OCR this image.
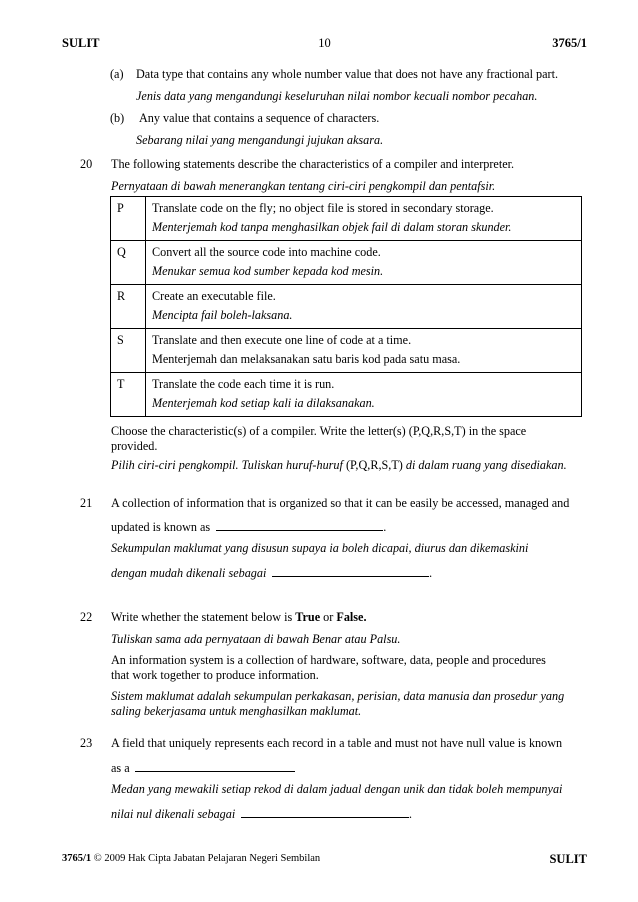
SULIT	10	3765/1
(a) Data type that contains any whole number value that does not have any fractional part.
Jenis data yang mengandungi keseluruhan nilai nombor kecuali nombor pecahan.
(b) Any value that contains a sequence of characters.
Sebarang nilai yang mengandungi jujukan aksara.
20 The following statements describe the characteristics of a compiler and interpreter.
Pernyataan di bawah menerangkan tentang ciri-ciri pengkompil dan pentafsir.
P	Translate code on the fly; no object file is stored in secondary storage.
Menterjemah kod tanpa menghasilkan objek fail di dalam storan skunder.

Q	Convert all the source code into machine code.
Menukar semua kod sumber kepada kod mesin.

R	Create an executable file.
Mencipta fail boleh-laksana.

S	Translate and then execute one line of code at a time.
Menterjemah dan melaksanakan satu baris kod pada satu masa.

T	Translate the code each time it is run.
Menterjemah kod setiap kali ia dilaksanakan.
Choose the characteristic(s) of a compiler. Write the letter(s) (P,Q,R,S,T) in the space
provided.
Pilih ciri-ciri pengkompil. Tuliskan huruf-huruf (P,Q,R,S,T) di dalam ruang yang disediakan.
21 A collection of information that is organized so that it can be easily be accessed, managed and
updated is known as	.
Sekumpulan maklumat yang disusun supaya ia boleh dicapai, diurus dan dikemaskini
dengan mudah dikenali sebagai	.
22 Write whether the statement below is True or False.
Tuliskan sama ada pernyataan di bawah Benar atau Palsu.
An information system is a collection of hardware, software, data, people and procedures
that work together to produce information.
Sistem maklumat adalah sekumpulan perkakasan, perisian, data manusia dan prosedur yang
saling bekerjasama untuk menghasilkan maklumat.
23 A field that uniquely represents each record in a table and must not have null value is known
as a
Medan yang mewakili setiap rekod di dalam jadual dengan unik dan tidak boleh mempunyai
nilai nul dikenali sebagai	.
3765/1 © 2009 Hak Cipta Jabatan Pelajaran Negeri Sembilan	SULIT
